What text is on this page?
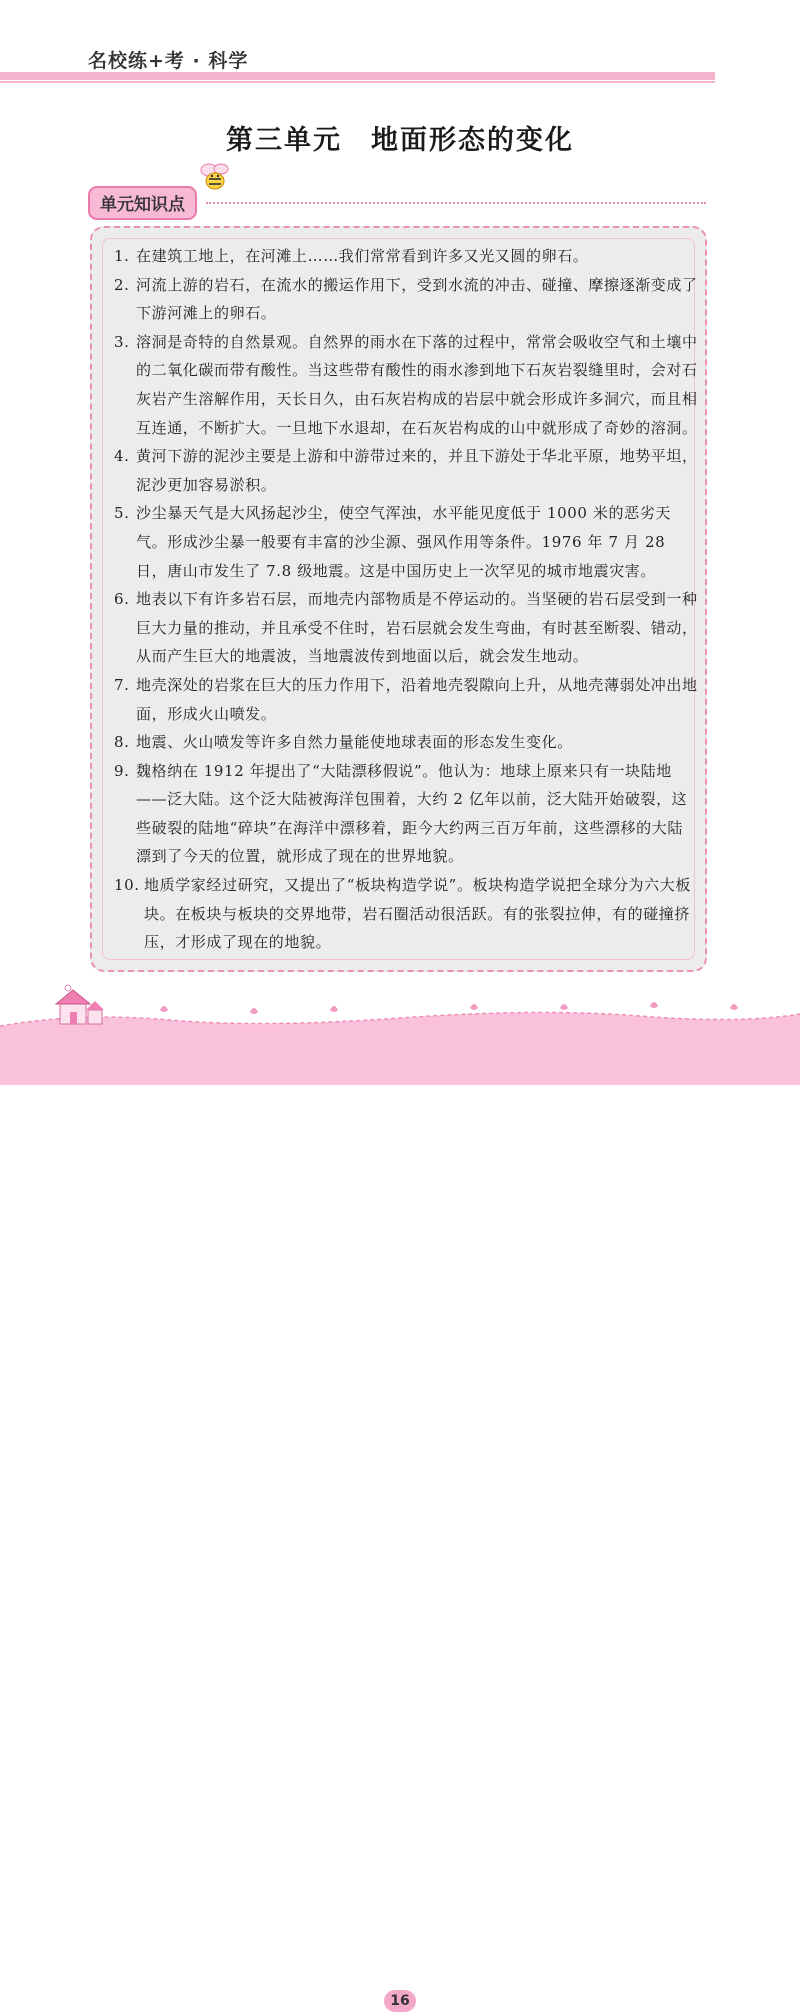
名校练+考 · 科学
第三单元　地面形态的变化
单元知识点
1. 在建筑工地上，在河滩上……我们常常看到许多又光又圆的卵石。
2. 河流上游的岩石，在流水的搬运作用下，受到水流的冲击、碰撞、摩擦逐渐变成了下游河滩上的卵石。
3. 溶洞是奇特的自然景观。自然界的雨水在下落的过程中，常常会吸收空气和土壤中的二氧化碳而带有酸性。当这些带有酸性的雨水渗到地下石灰岩裂缝里时，会对石灰岩产生溶解作用，天长日久，由石灰岩构成的岩层中就会形成许多洞穴，而且相互连通，不断扩大。一旦地下水退却，在石灰岩构成的山中就形成了奇妙的溶洞。
4. 黄河下游的泥沙主要是上游和中游带过来的，并且下游处于华北平原，地势平坦，泥沙更加容易淤积。
5. 沙尘暴天气是大风扬起沙尘，使空气浑浊，水平能见度低于 1000 米的恶劣天气。形成沙尘暴一般要有丰富的沙尘源、强风作用等条件。1976 年 7 月 28 日，唐山市发生了 7.8 级地震。这是中国历史上一次罕见的城市地震灾害。
6. 地表以下有许多岩石层，而地壳内部物质是不停运动的。当坚硬的岩石层受到一种巨大力量的推动，并且承受不住时，岩石层就会发生弯曲，有时甚至断裂、错动，从而产生巨大的地震波，当地震波传到地面以后，就会发生地动。
7. 地壳深处的岩浆在巨大的压力作用下，沿着地壳裂隙向上升，从地壳薄弱处冲出地面，形成火山喷发。
8. 地震、火山喷发等许多自然力量能使地球表面的形态发生变化。
9. 魏格纳在 1912 年提出了“大陆漂移假说”。他认为：地球上原来只有一块陆地——泛大陆。这个泛大陆被海洋包围着，大约 2 亿年以前，泛大陆开始破裂，这些破裂的陆地“碎块”在海洋中漂移着，距今大约两三百万年前，这些漂移的大陆漂到了今天的位置，就形成了现在的世界地貌。
10. 地质学家经过研究，又提出了“板块构造学说”。板块构造学说把全球分为六大板块。在板块与板块的交界地带，岩石圈活动很活跃。有的张裂拉伸，有的碰撞挤压，才形成了现在的地貌。
16
